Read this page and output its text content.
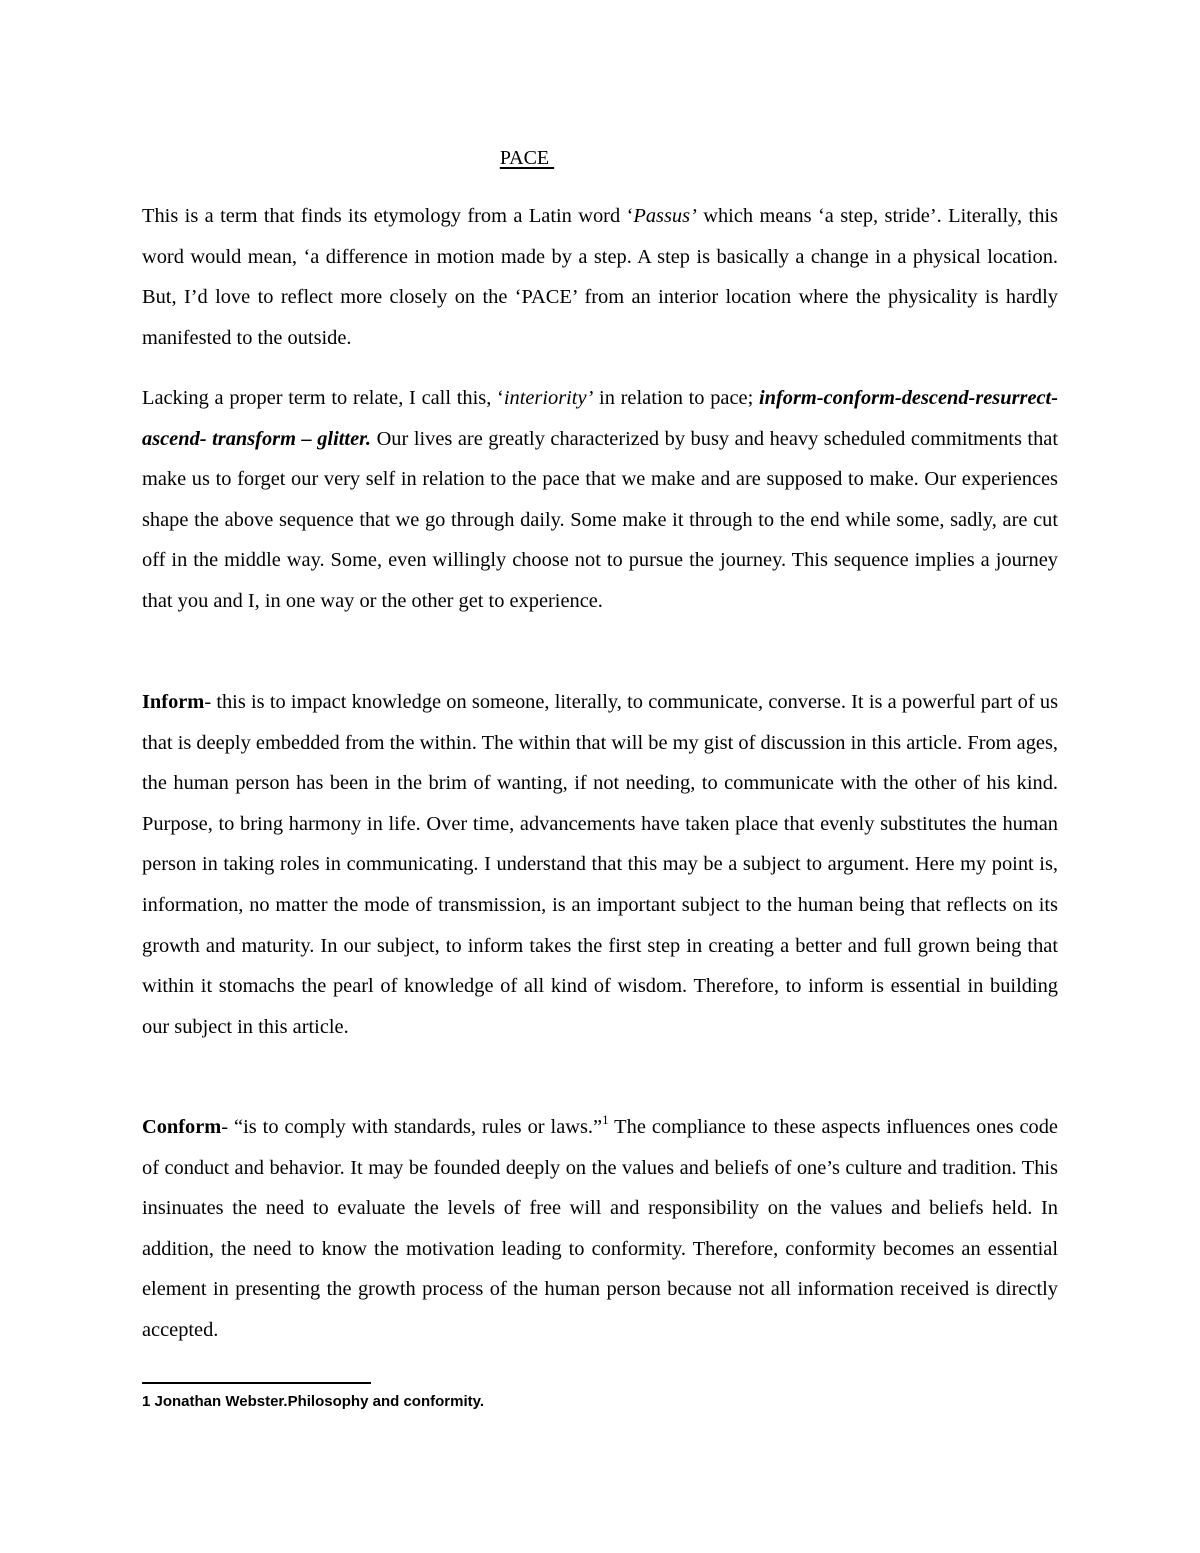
PACE

This is a term that finds its etymology from a Latin word ‘Passus’ which means ‘a step, stride’. Literally, this word would mean, ‘a difference in motion made by a step. A step is basically a change in a physical location. But, I’d love to reflect more closely on the ‘PACE’ from an interior location where the physicality is hardly manifested to the outside.

Lacking a proper term to relate, I call this, ‘interiority’ in relation to pace; inform-conform-descend-resurrect-ascend- transform – glitter. Our lives are greatly characterized by busy and heavy scheduled commitments that make us to forget our very self in relation to the pace that we make and are supposed to make. Our experiences shape the above sequence that we go through daily. Some make it through to the end while some, sadly, are cut off in the middle way. Some, even willingly choose not to pursue the journey. This sequence implies a journey that you and I, in one way or the other get to experience.

Inform- this is to impact knowledge on someone, literally, to communicate, converse. It is a powerful part of us that is deeply embedded from the within. The within that will be my gist of discussion in this article. From ages, the human person has been in the brim of wanting, if not needing, to communicate with the other of his kind. Purpose, to bring harmony in life. Over time, advancements have taken place that evenly substitutes the human person in taking roles in communicating. I understand that this may be a subject to argument. Here my point is, information, no matter the mode of transmission, is an important subject to the human being that reflects on its growth and maturity. In our subject, to inform takes the first step in creating a better and full grown being that within it stomachs the pearl of knowledge of all kind of wisdom. Therefore, to inform is essential in building our subject in this article.

Conform- “is to comply with standards, rules or laws.”$^1$ The compliance to these aspects influences ones code of conduct and behavior. It may be founded deeply on the values and beliefs of one’s culture and tradition. This insinuates the need to evaluate the levels of free will and responsibility on the values and beliefs held. In addition, the need to know the motivation leading to conformity. Therefore, conformity becomes an essential element in presenting the growth process of the human person because not all information received is directly accepted.

1 Jonathan Webster.Philosophy and conformity.
